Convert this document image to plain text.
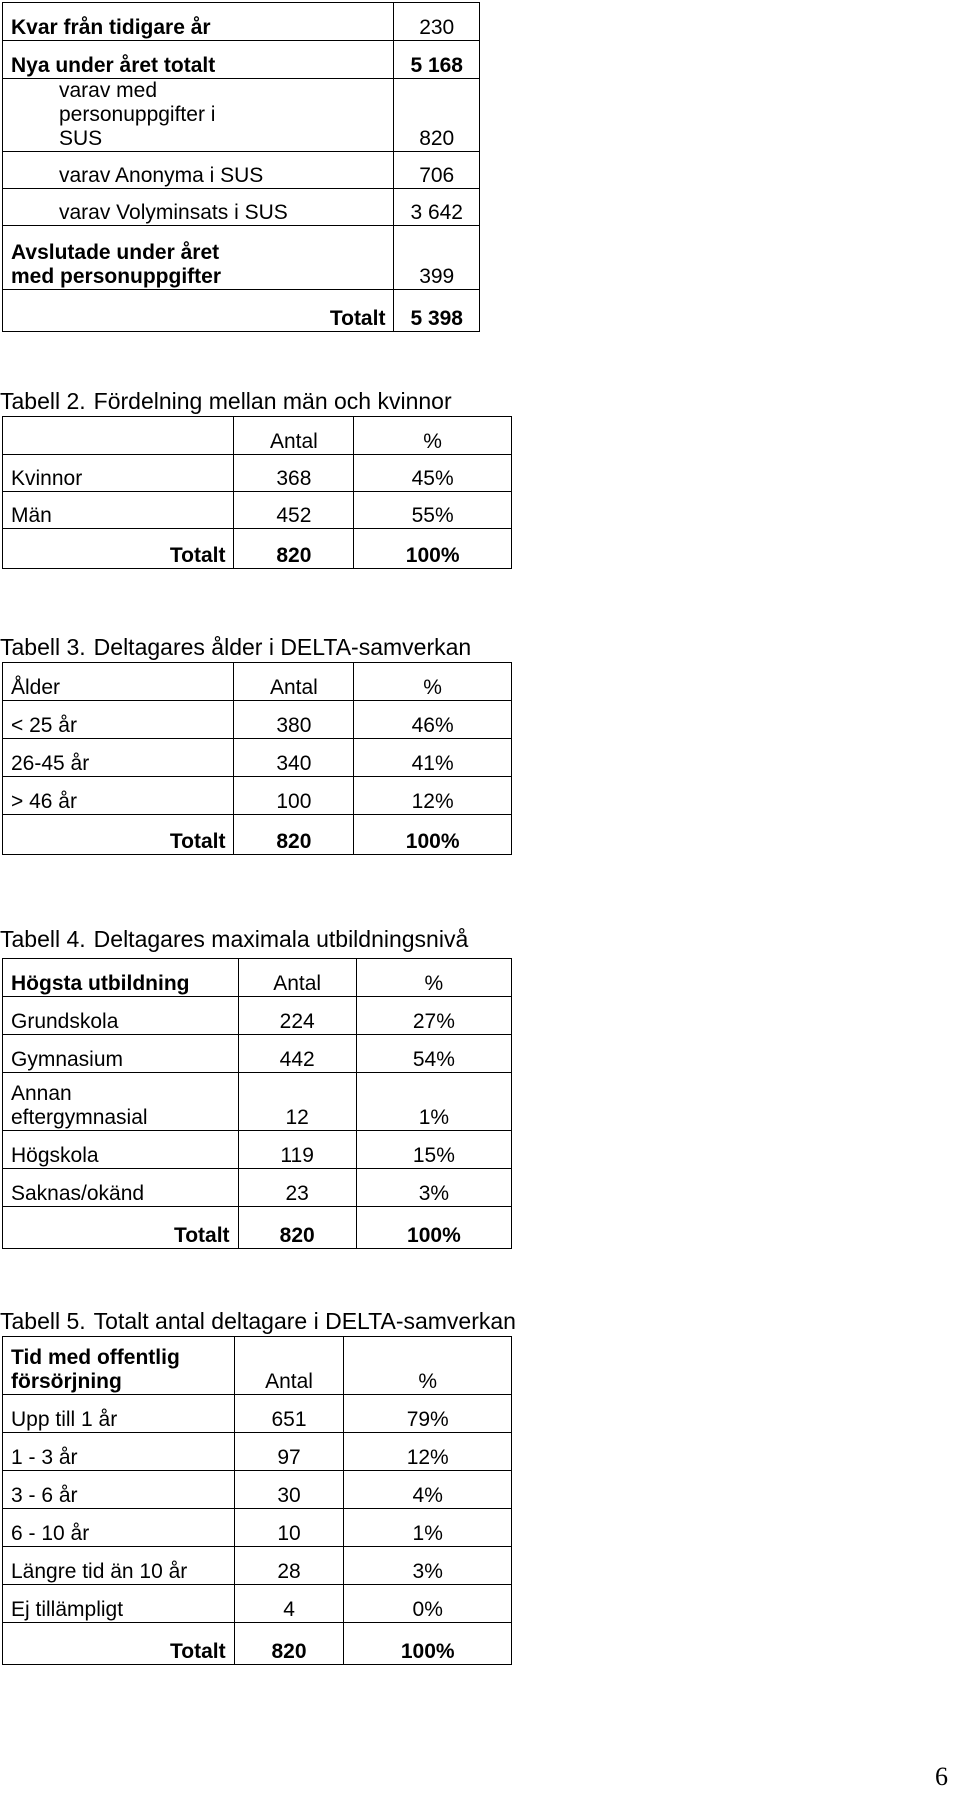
Kvar från tidigare år	230
Nya under året totalt	5 168
varav med personuppgifter i SUS	820
varav Anonyma i SUS	706
varav Volyminsats i SUS	3 642
Avslutade under året med personuppgifter	399
Totalt	5 398
Tabell 2. Fördelning mellan män och kvinnor
	Antal	%
Kvinnor	368	45%
Män	452	55%
Totalt	820	100%
Tabell 3. Deltagares ålder i DELTA-samverkan
Ålder	Antal	%
< 25 år	380	46%
26-45 år	340	41%
> 46 år	100	12%
Totalt	820	100%
Tabell 4. Deltagares maximala utbildningsnivå
Högsta utbildning	Antal	%
Grundskola	224	27%
Gymnasium	442	54%
Annan eftergymnasial	12	1%
Högskola	119	15%
Saknas/okänd	23	3%
Totalt	820	100%
Tabell 5. Totalt antal deltagare i DELTA-samverkan
Tid med offentlig försörjning	Antal	%
Upp till 1 år	651	79%
1 - 3 år	97	12%
3 - 6 år	30	4%
6 - 10 år	10	1%
Längre tid än 10 år	28	3%
Ej tillämpligt	4	0%
Totalt	820	100%
6
